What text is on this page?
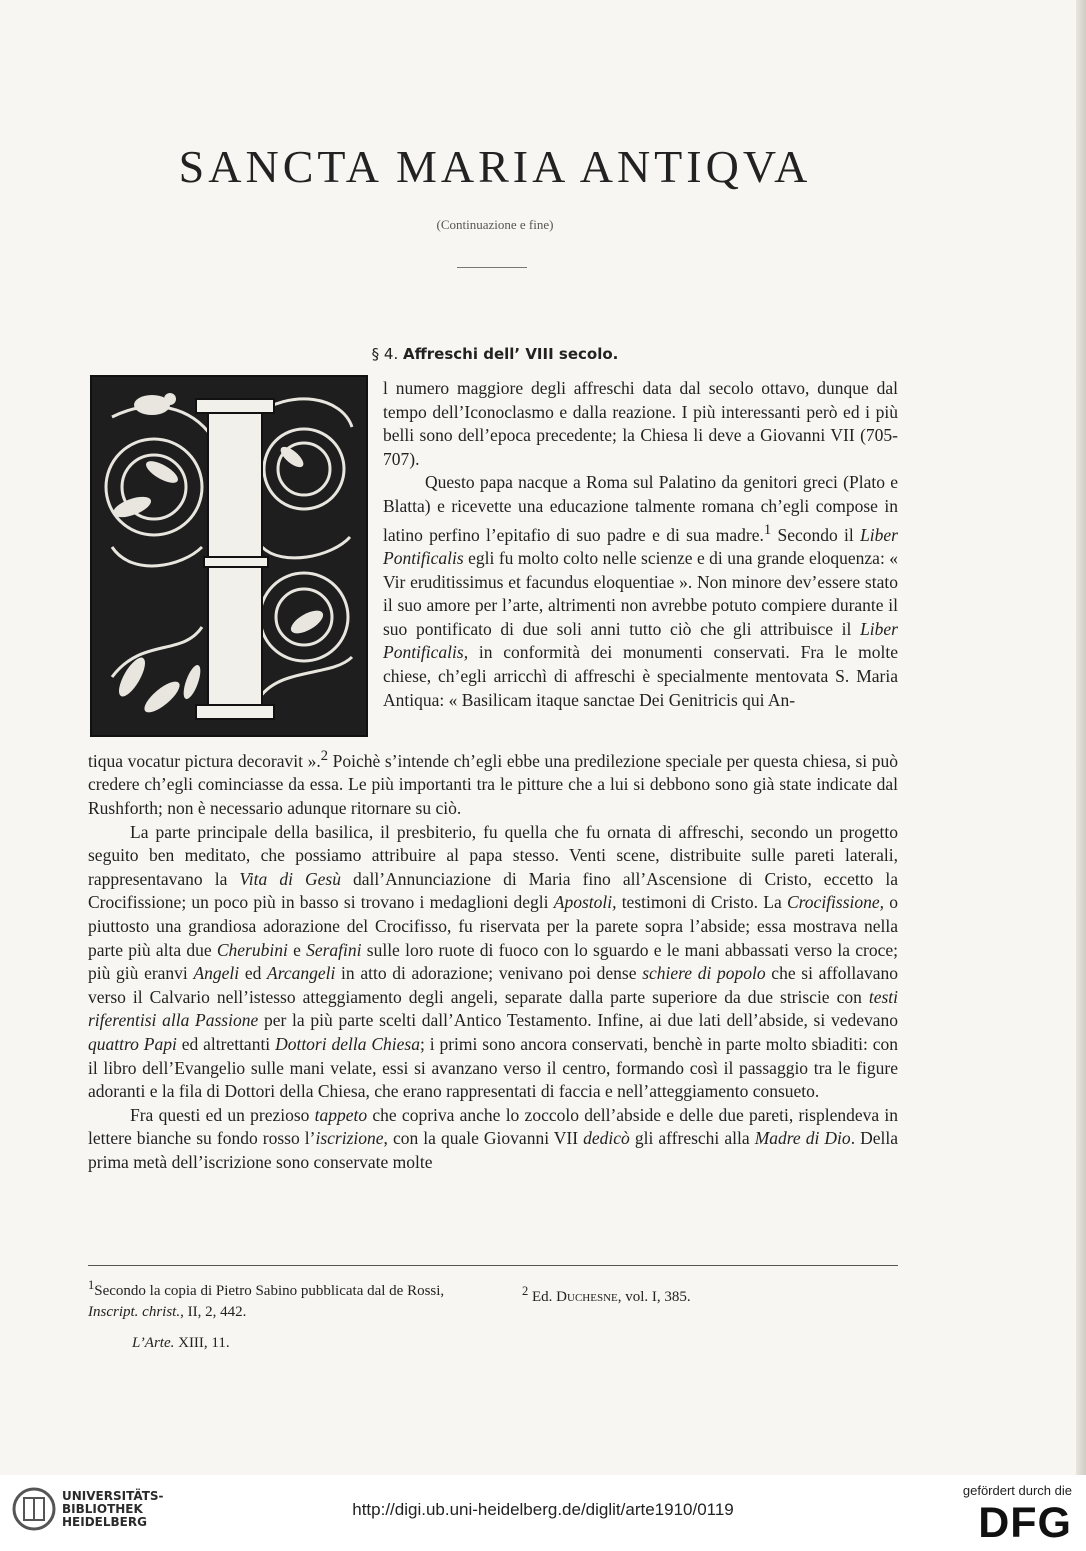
SANCTA MARIA ANTIQVA
(Continuazione e fine)
§ 4. Affreschi dell’ VIII secolo.

l numero maggiore degli affreschi data dal secolo ottavo, dunque dal tempo dell’Iconoclasmo e dalla reazione. I più interessanti però ed i più belli sono dell’epoca precedente; la Chiesa li deve a Giovanni VII (705-707).

Questo papa nacque a Roma sul Palatino da genitori greci (Plato e Blatta) e ricevette una educazione talmente romana ch’egli compose in latino perfino l’epitafio di suo padre e di sua madre.$^1$ Secondo il Liber Pontificalis egli fu molto colto nelle scienze e di una grande eloquenza: « Vir eruditissimus et facundus eloquentiae ». Non minore dev’essere stato il suo amore per l’arte, altrimenti non avrebbe potuto compiere durante il suo pontificato di due soli anni tutto ciò che gli attribuisce il Liber Pontificalis, in conformità dei monumenti conservati. Fra le molte chiese, ch’egli arricchì di affreschi è specialmente mentovata S. Maria Antiqua: « Basilicam itaque sanctae Dei Genitricis qui An-

tiqua vocatur pictura decoravit ».$^2$ Poichè s’intende ch’egli ebbe una predilezione speciale per questa chiesa, si può credere ch’egli cominciasse da essa. Le più importanti tra le pitture che a lui si debbono sono già state indicate dal Rushforth; non è necessario adunque ritornare su ciò.

La parte principale della basilica, il presbiterio, fu quella che fu ornata di affreschi, secondo un progetto seguito ben meditato, che possiamo attribuire al papa stesso. Venti scene, distribuite sulle pareti laterali, rappresentavano la Vita di Gesù dall’Annunciazione di Maria fino all’Ascensione di Cristo, eccetto la Crocifissione; un poco più in basso si trovano i medaglioni degli Apostoli, testimoni di Cristo. La Crocifissione, o piuttosto una grandiosa adorazione del Crocifisso, fu riservata per la parete sopra l’abside; essa mostrava nella parte più alta due Cherubini e Serafini sulle loro ruote di fuoco con lo sguardo e le mani abbassati verso la croce; più giù eranvi Angeli ed Arcangeli in atto di adorazione; venivano poi dense schiere di popolo che si affollavano verso il Calvario nell’istesso atteggiamento degli angeli, separate dalla parte superiore da due striscie con testi riferentisi alla Passione per la più parte scelti dall’Antico Testamento. Infine, ai due lati dell’abside, si vedevano quattro Papi ed altrettanti Dottori della Chiesa; i primi sono ancora conservati, benchè in parte molto sbiaditi: con il libro dell’Evangelio sulle mani velate, essi si avanzano verso il centro, formando così il passaggio tra le figure adoranti e la fila di Dottori della Chiesa, che erano rappresentati di faccia e nell’atteggiamento consueto.

Fra questi ed un prezioso tappeto che copriva anche lo zoccolo dell’abside e delle due pareti, risplendeva in lettere bianche su fondo rosso l’iscrizione, con la quale Giovanni VII dedicò gli affreschi alla Madre di Dio. Della prima metà dell’iscrizione sono conservate molte

$^1$Secondo la copia di Pietro Sabino pubblicata dal de Rossi, Inscript. christ., II, 2, 442.
$^2$ Ed. Duchesne, vol. I, 385.
L’Arte. XIII, 11.
UNIVERSITÄTS-
BIBLIOTHEK
HEIDELBERG
http://digi.ub.uni-heidelberg.de/diglit/arte1910/0119
gefördert durch die
DFG
